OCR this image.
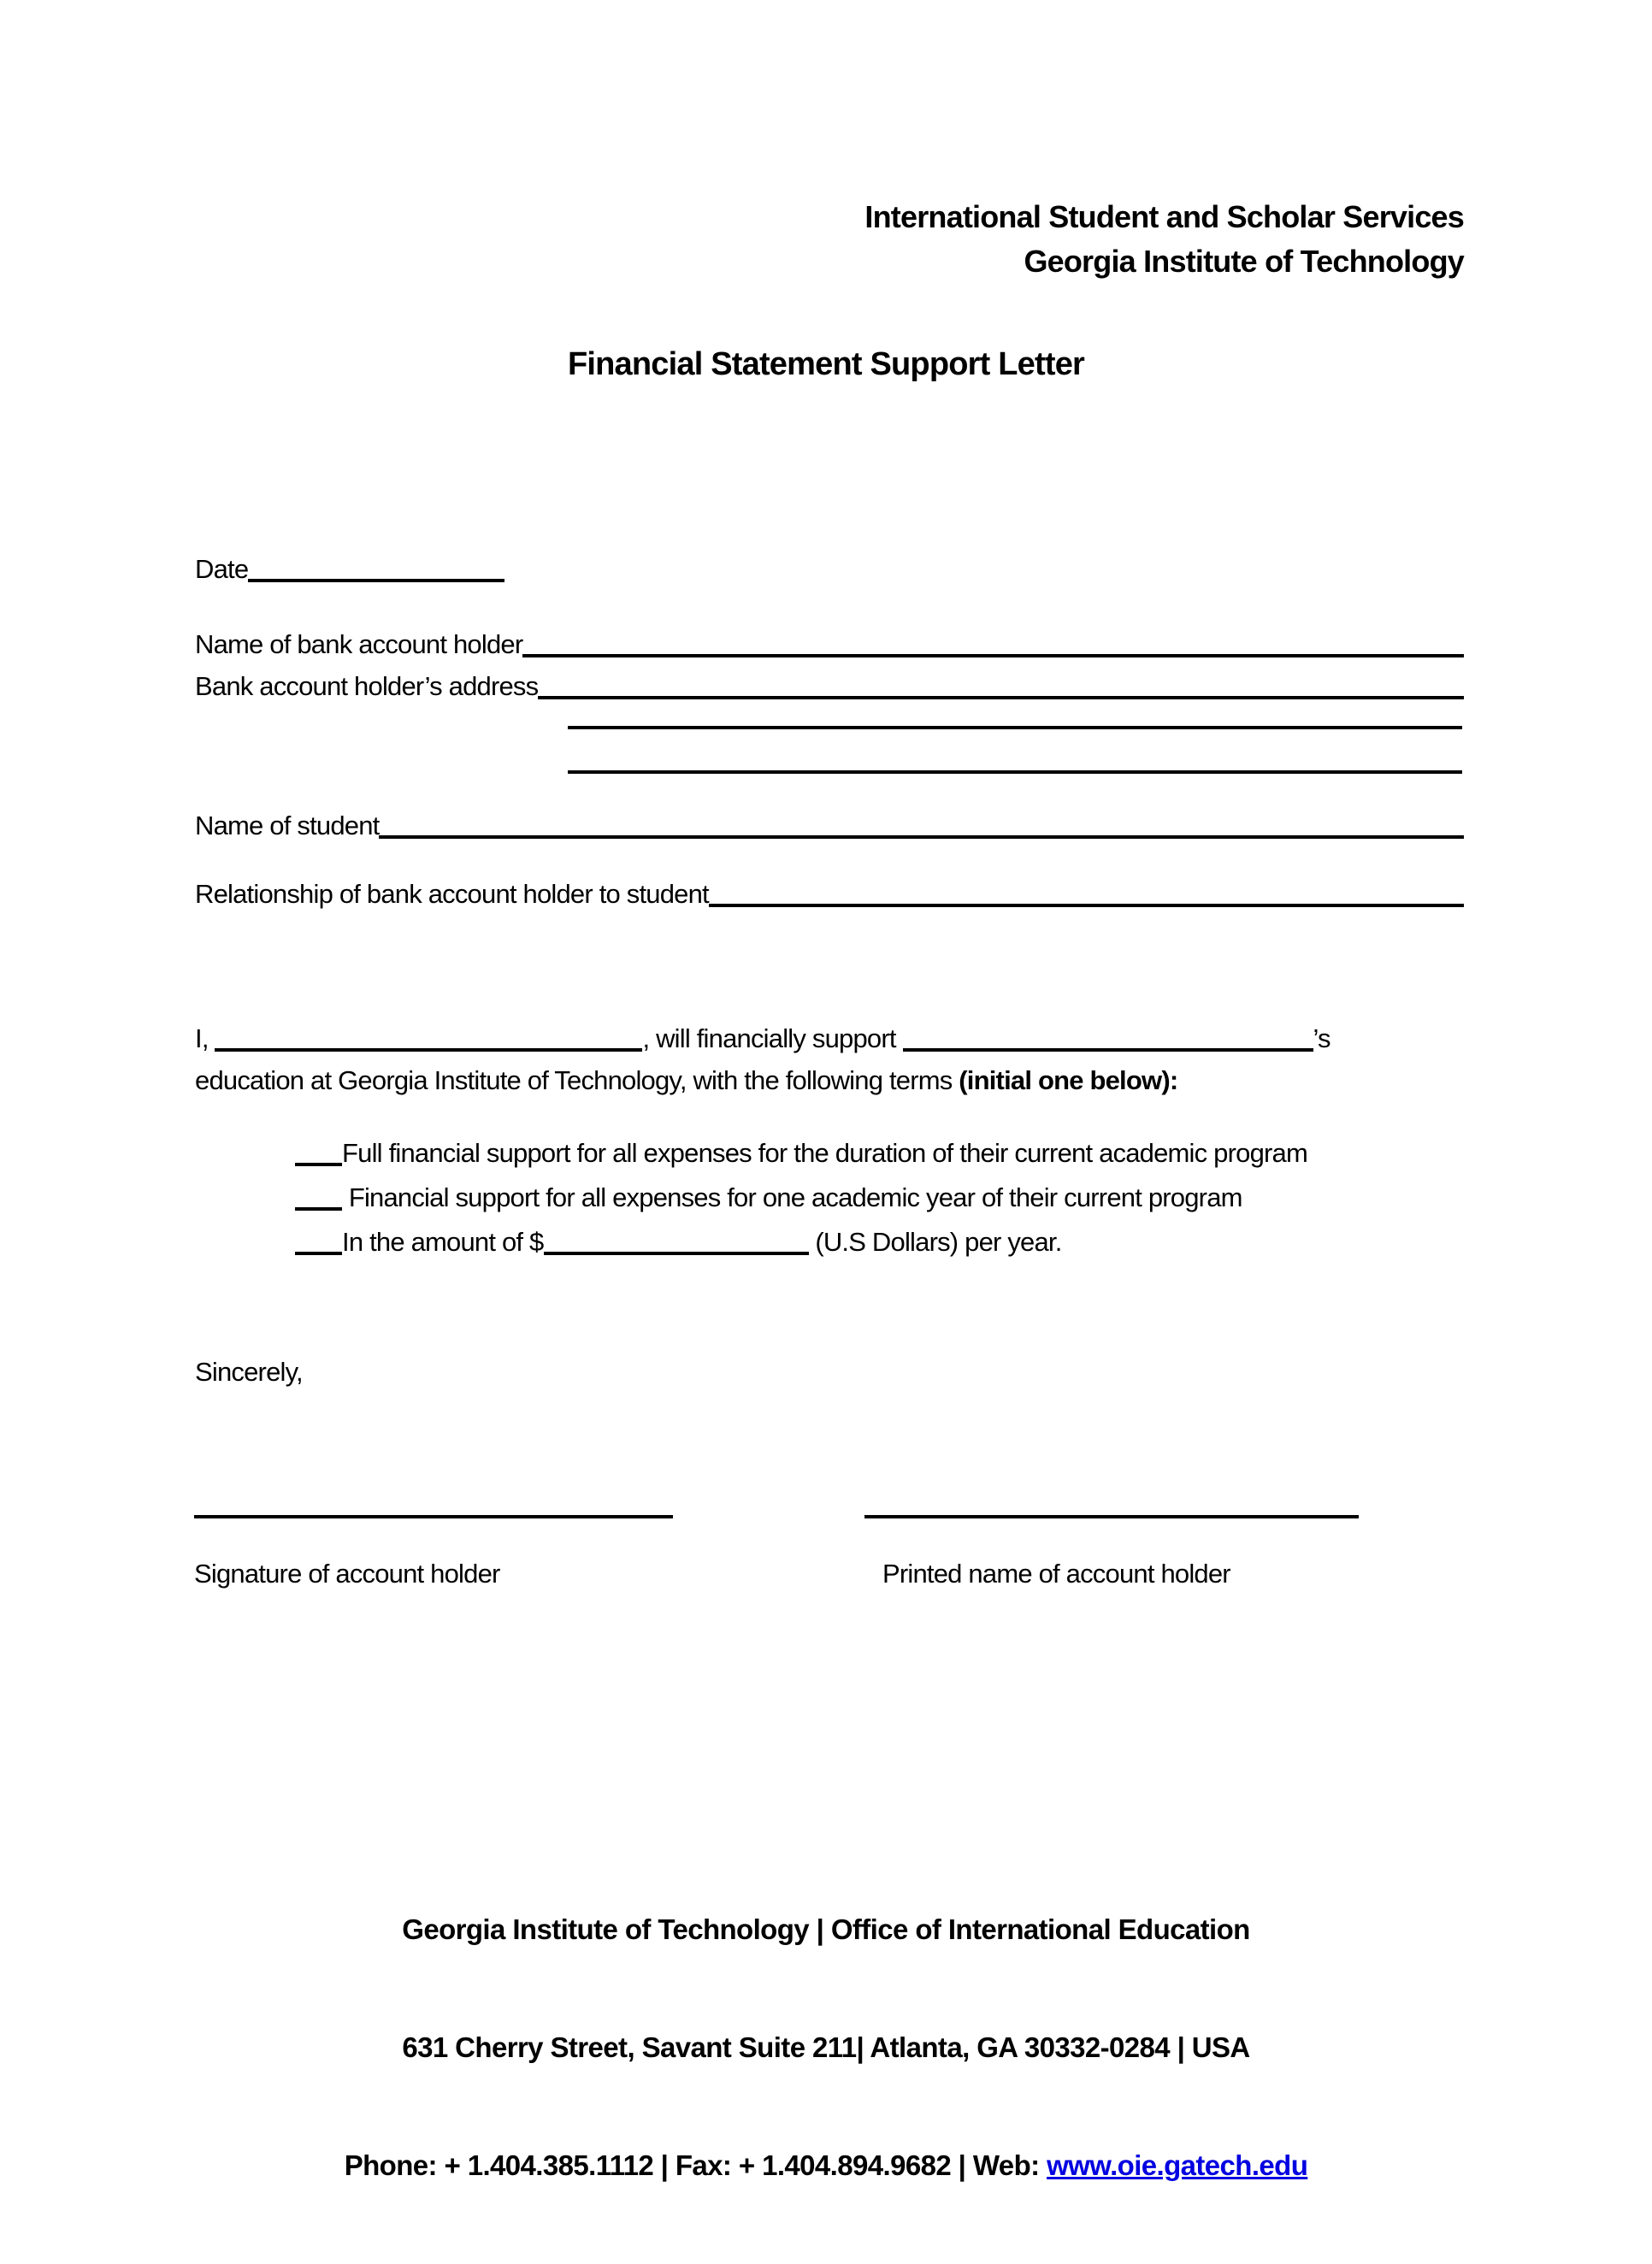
International Student and Scholar Services
Georgia Institute of Technology
Financial Statement Support Letter
Date
Name of bank account holder
Bank account holder’s address
Name of student
Relationship of bank account holder to student
I,	, will financially support	’s
education at Georgia Institute of Technology, with the following terms (initial one below):
Full financial support for all expenses for the duration of their current academic program
Financial support for all expenses for one academic year of their current program
In the amount of $	(U.S Dollars) per year.
Sincerely,
Signature of account holder	Printed name of account holder

Georgia Institute of Technology | Office of International Education

631 Cherry Street, Savant Suite 211| Atlanta, GA 30332-0284 | USA

Phone: + 1.404.385.1112 | Fax: + 1.404.894.9682 | Web: www.oie.gatech.edu
